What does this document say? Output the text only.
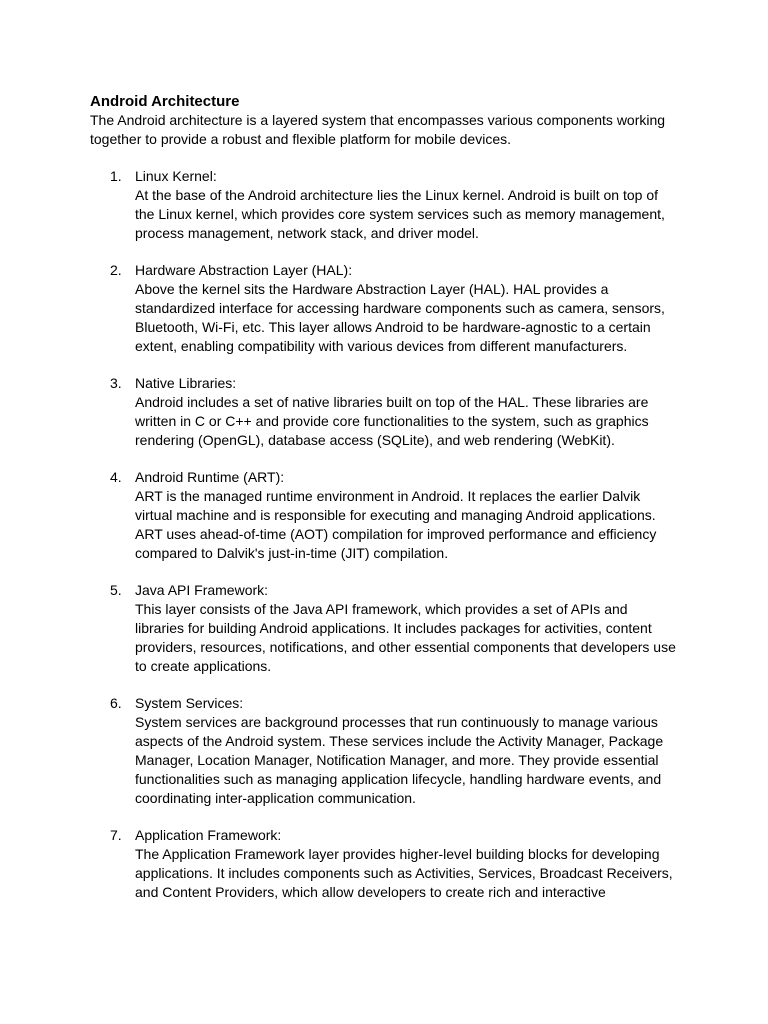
Android Architecture

The Android architecture is a layered system that encompasses various components working together to provide a robust and flexible platform for mobile devices.

1. Linux Kernel:
At the base of the Android architecture lies the Linux kernel. Android is built on top of the Linux kernel, which provides core system services such as memory management, process management, network stack, and driver model.
2. Hardware Abstraction Layer (HAL):
Above the kernel sits the Hardware Abstraction Layer (HAL). HAL provides a standardized interface for accessing hardware components such as camera, sensors, Bluetooth, Wi-Fi, etc. This layer allows Android to be hardware-agnostic to a certain extent, enabling compatibility with various devices from different manufacturers.
3. Native Libraries:
Android includes a set of native libraries built on top of the HAL. These libraries are written in C or C++ and provide core functionalities to the system, such as graphics rendering (OpenGL), database access (SQLite), and web rendering (WebKit).
4. Android Runtime (ART):
ART is the managed runtime environment in Android. It replaces the earlier Dalvik virtual machine and is responsible for executing and managing Android applications. ART uses ahead-of-time (AOT) compilation for improved performance and efficiency compared to Dalvik's just-in-time (JIT) compilation.
5. Java API Framework:
This layer consists of the Java API framework, which provides a set of APIs and libraries for building Android applications. It includes packages for activities, content providers, resources, notifications, and other essential components that developers use to create applications.
6. System Services:
System services are background processes that run continuously to manage various aspects of the Android system. These services include the Activity Manager, Package Manager, Location Manager, Notification Manager, and more. They provide essential functionalities such as managing application lifecycle, handling hardware events, and coordinating inter-application communication.
7. Application Framework:
The Application Framework layer provides higher-level building blocks for developing applications. It includes components such as Activities, Services, Broadcast Receivers, and Content Providers, which allow developers to create rich and interactive
